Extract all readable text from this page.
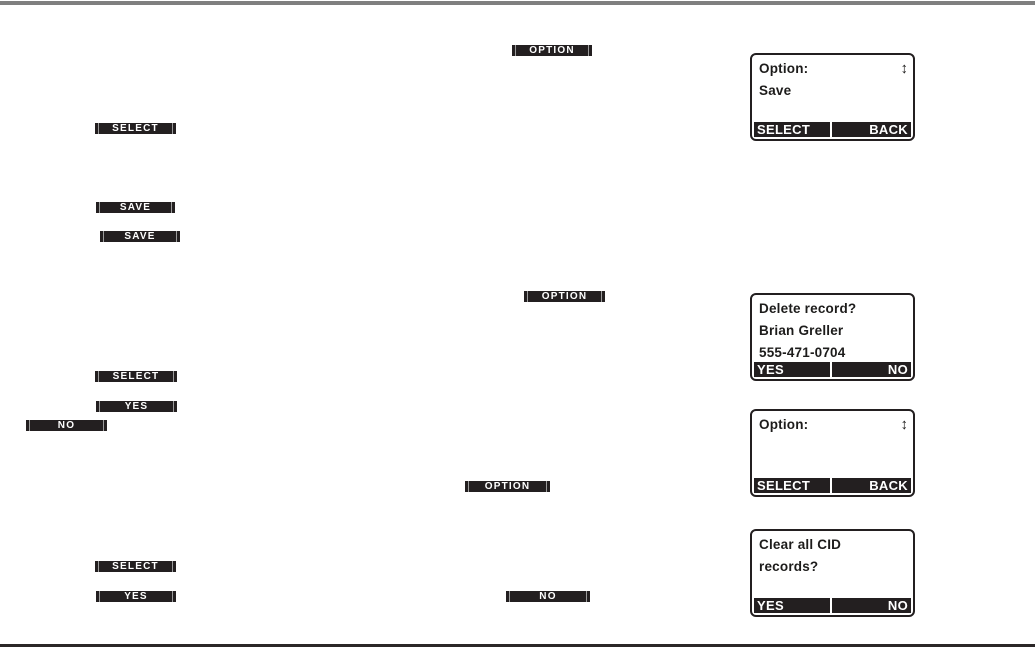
OPTION
SELECT
SAVE
SAVE
OPTION
SELECT
YES
NO
OPTION
SELECT
YES	NO
Option:
Save
↕
SELECT	BACK
Delete record?
Brian Greller
555-471-0704
YES	NO
Option:	↕
SELECT	BACK
Clear all CID
records?
YES	NO
